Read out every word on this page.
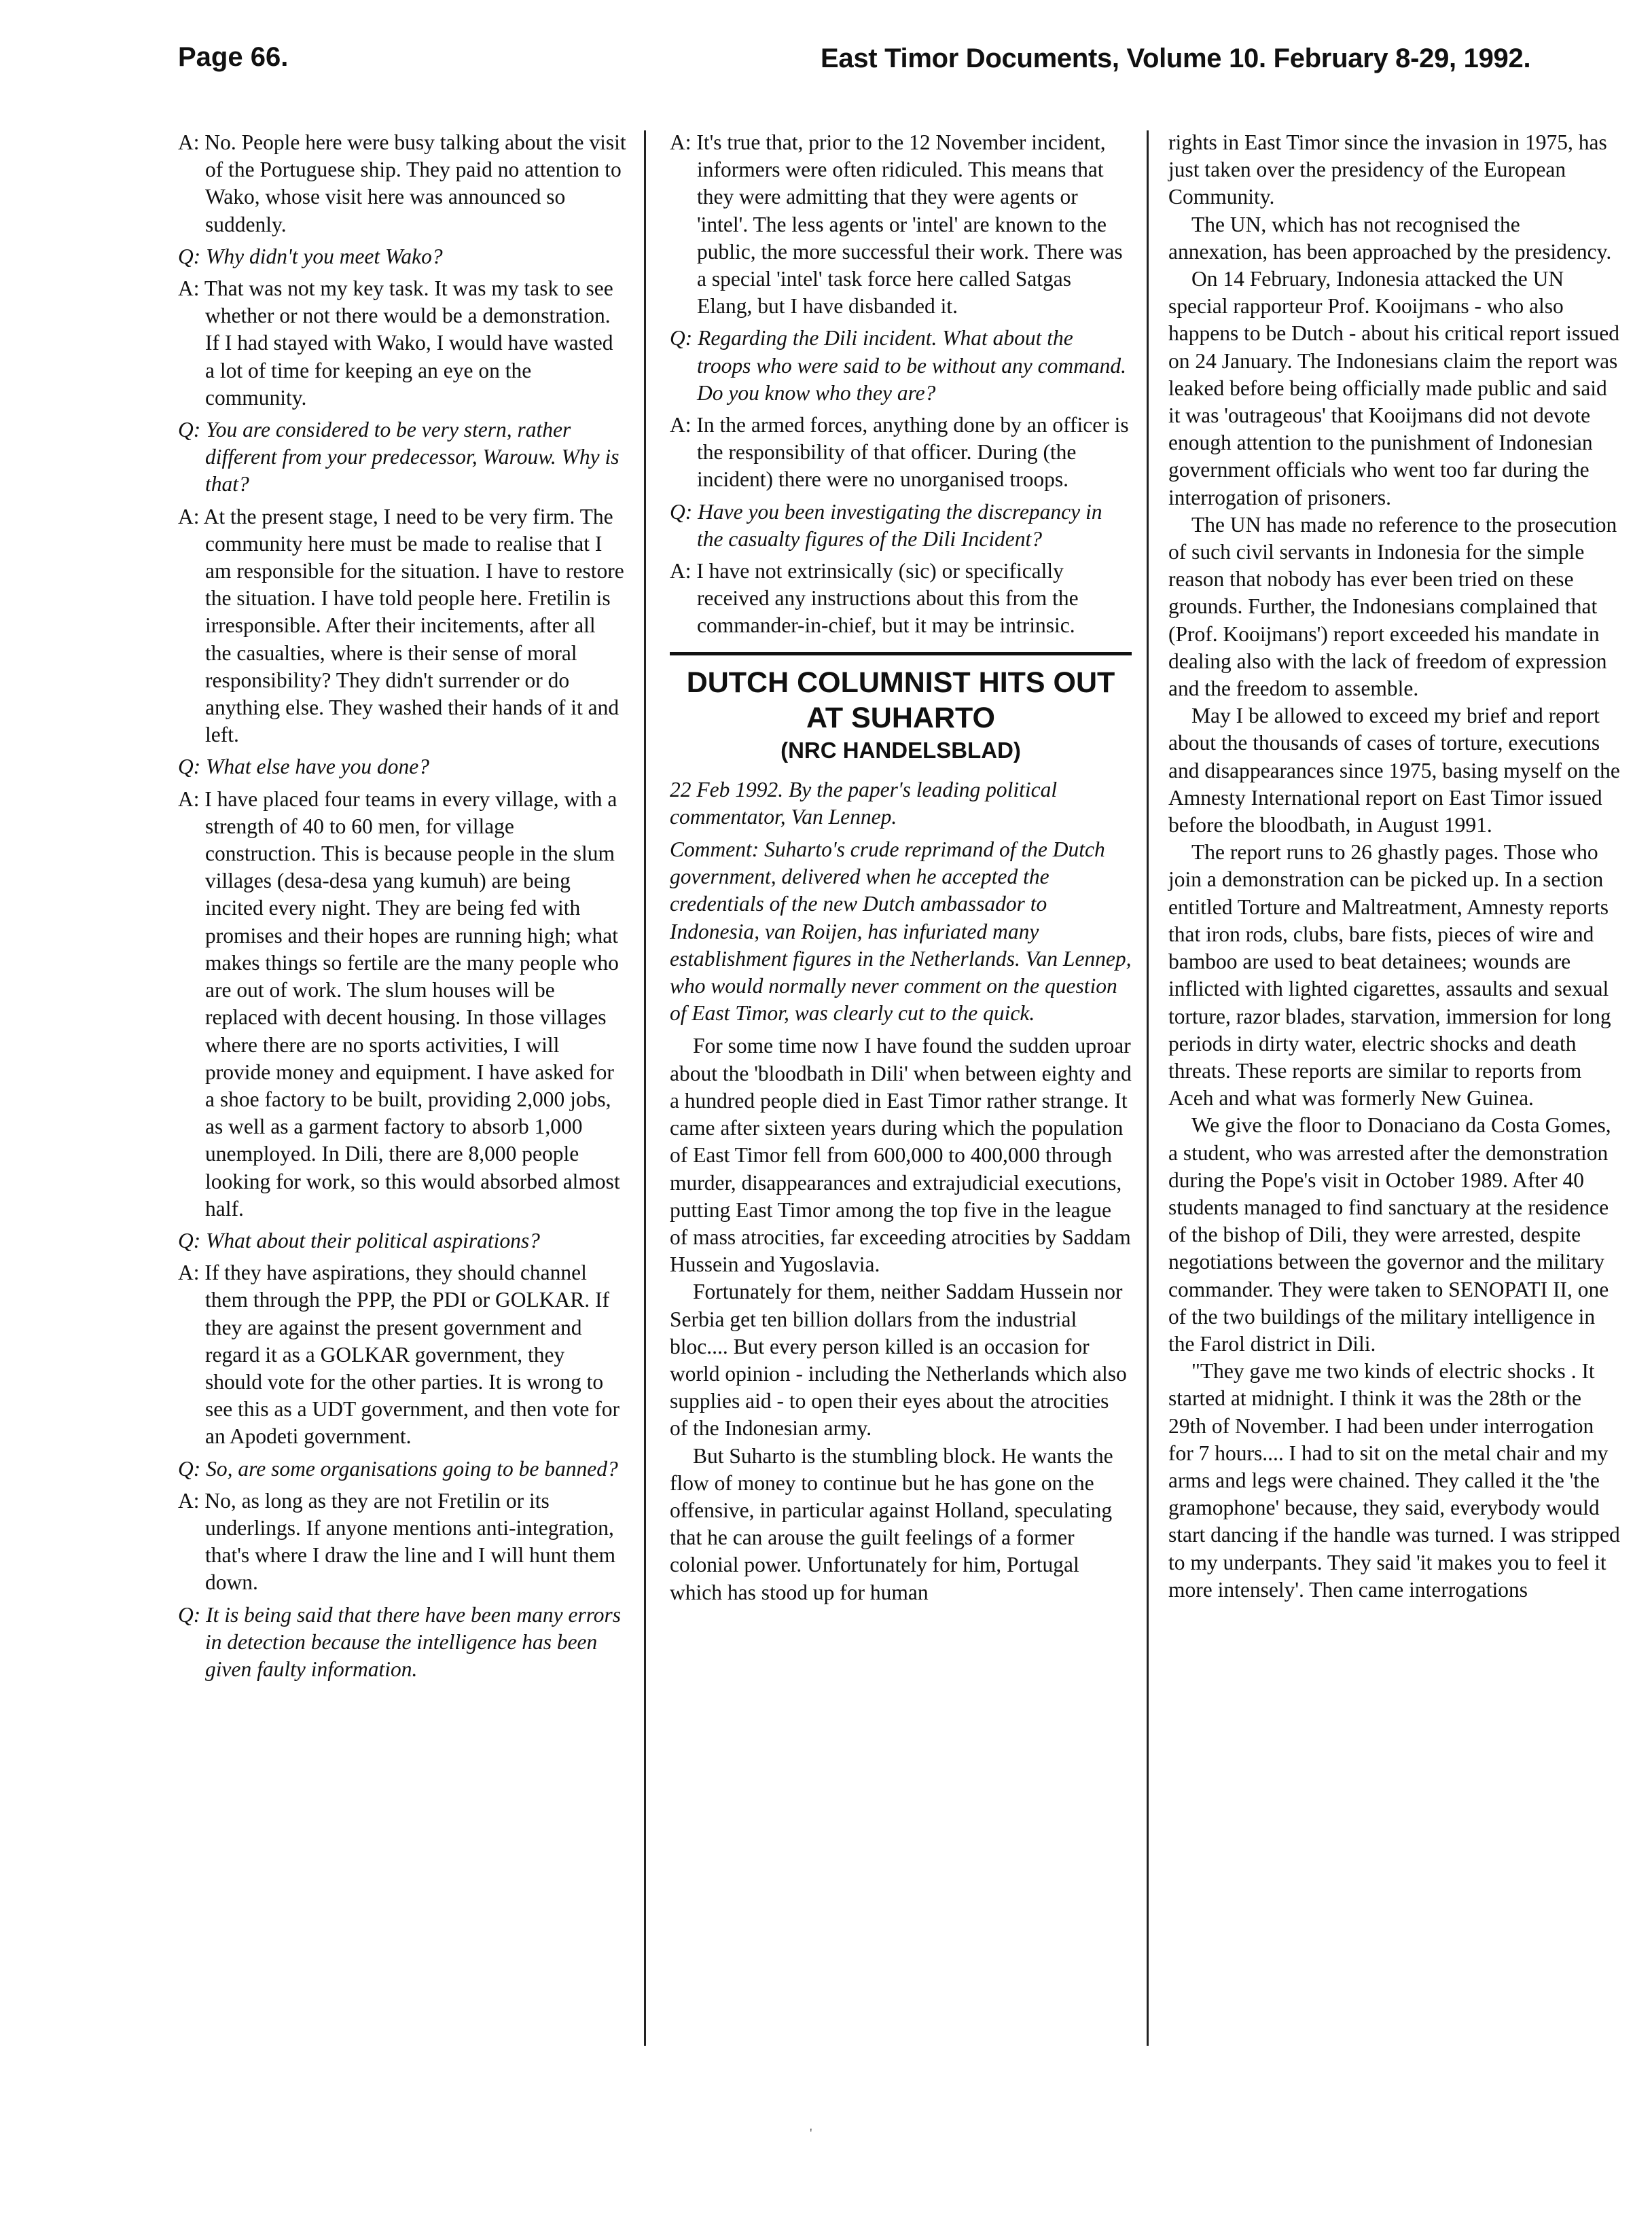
Page 66.	East Timor Documents, Volume 10. February 8-29, 1992.

A: No. People here were busy talking about the visit of the Portuguese ship. They paid no attention to Wako, whose visit here was announced so suddenly.

Q: Why didn't you meet Wako?

A: That was not my key task. It was my task to see whether or not there would be a demonstration. If I had stayed with Wako, I would have wasted a lot of time for keeping an eye on the community.

Q: You are considered to be very stern, rather different from your predecessor, Warouw. Why is that?

A: At the present stage, I need to be very firm. The community here must be made to realise that I am responsible for the situation. I have to restore the situation. I have told people here. Fretilin is irresponsible. After their incitements, after all the casualties, where is their sense of moral responsibility? They didn't surrender or do anything else. They washed their hands of it and left.

Q: What else have you done?

A: I have placed four teams in every village, with a strength of 40 to 60 men, for village construction. This is because people in the slum villages (desa-desa yang kumuh) are being incited every night. They are being fed with promises and their hopes are running high; what makes things so fertile are the many people who are out of work. The slum houses will be replaced with decent housing. In those villages where there are no sports activities, I will provide money and equipment. I have asked for a shoe factory to be built, providing 2,000 jobs, as well as a garment factory to absorb 1,000 unemployed. In Dili, there are 8,000 people looking for work, so this would absorbed almost half.

Q: What about their political aspirations?

A: If they have aspirations, they should channel them through the PPP, the PDI or GOLKAR. If they are against the present government and regard it as a GOLKAR government, they should vote for the other parties. It is wrong to see this as a UDT government, and then vote for an Apodeti government.

Q: So, are some organisations going to be banned?

A: No, as long as they are not Fretilin or its underlings. If anyone mentions anti-integration, that's where I draw the line and I will hunt them down.

Q: It is being said that there have been many errors in detection because the intelligence has been given faulty information.

A: It's true that, prior to the 12 November incident, informers were often ridiculed. This means that they were admitting that they were agents or 'intel'. The less agents or 'intel' are known to the public, the more successful their work. There was a special 'intel' task force here called Satgas Elang, but I have disbanded it.

Q: Regarding the Dili incident. What about the troops who were said to be without any command. Do you know who they are?

A: In the armed forces, anything done by an officer is the responsibility of that officer. During (the incident) there were no unorganised troops.

Q: Have you been investigating the discrepancy in the casualty figures of the Dili Incident?

A: I have not extrinsically (sic) or specifically received any instructions about this from the commander-in-chief, but it may be intrinsic.

DUTCH COLUMNIST HITS OUT AT SUHARTO
(NRC HANDELSBLAD)

22 Feb 1992. By the paper's leading political commentator, Van Lennep.

Comment: Suharto's crude reprimand of the Dutch government, delivered when he accepted the credentials of the new Dutch ambassador to Indonesia, van Roijen, has infuriated many establishment figures in the Netherlands. Van Lennep, who would normally never comment on the question of East Timor, was clearly cut to the quick.

For some time now I have found the sudden uproar about the 'bloodbath in Dili' when between eighty and a hundred people died in East Timor rather strange. It came after sixteen years during which the population of East Timor fell from 600,000 to 400,000 through murder, disappearances and extrajudicial executions, putting East Timor among the top five in the league of mass atrocities, far exceeding atrocities by Saddam Hussein and Yugoslavia.

Fortunately for them, neither Saddam Hussein nor Serbia get ten billion dollars from the industrial bloc.... But every person killed is an occasion for world opinion - including the Netherlands which also supplies aid - to open their eyes about the atrocities of the Indonesian army.

But Suharto is the stumbling block. He wants the flow of money to continue but he has gone on the offensive, in particular against Holland, speculating that he can arouse the guilt feelings of a former colonial power. Unfortunately for him, Portugal which has stood up for human

rights in East Timor since the invasion in 1975, has just taken over the presidency of the European Community.

The UN, which has not recognised the annexation, has been approached by the presidency.

On 14 February, Indonesia attacked the UN special rapporteur Prof. Kooijmans - who also happens to be Dutch - about his critical report issued on 24 January. The Indonesians claim the report was leaked before being officially made public and said it was 'outrageous' that Kooijmans did not devote enough attention to the punishment of Indonesian government officials who went too far during the interrogation of prisoners.

The UN has made no reference to the prosecution of such civil servants in Indonesia for the simple reason that nobody has ever been tried on these grounds. Further, the Indonesians complained that (Prof. Kooijmans') report exceeded his mandate in dealing also with the lack of freedom of expression and the freedom to assemble.

May I be allowed to exceed my brief and report about the thousands of cases of torture, executions and disappearances since 1975, basing myself on the Amnesty International report on East Timor issued before the bloodbath, in August 1991.

The report runs to 26 ghastly pages. Those who join a demonstration can be picked up. In a section entitled Torture and Maltreatment, Amnesty reports that iron rods, clubs, bare fists, pieces of wire and bamboo are used to beat detainees; wounds are inflicted with lighted cigarettes, assaults and sexual torture, razor blades, starvation, immersion for long periods in dirty water, electric shocks and death threats. These reports are similar to reports from Aceh and what was formerly New Guinea.

We give the floor to Donaciano da Costa Gomes, a student, who was arrested after the demonstration during the Pope's visit in October 1989. After 40 students managed to find sanctuary at the residence of the bishop of Dili, they were arrested, despite negotiations between the governor and the military commander. They were taken to SENOPATI II, one of the two buildings of the military intelligence in the Farol district in Dili.

"They gave me two kinds of electric shocks . It started at midnight. I think it was the 28th or the 29th of November. I had been under interrogation for 7 hours.... I had to sit on the metal chair and my arms and legs were chained. They called it the 'the gramophone' because, they said, everybody would start dancing if the handle was turned. I was stripped to my underpants. They said 'it makes you to feel it more intensely'. Then came interrogations

'
